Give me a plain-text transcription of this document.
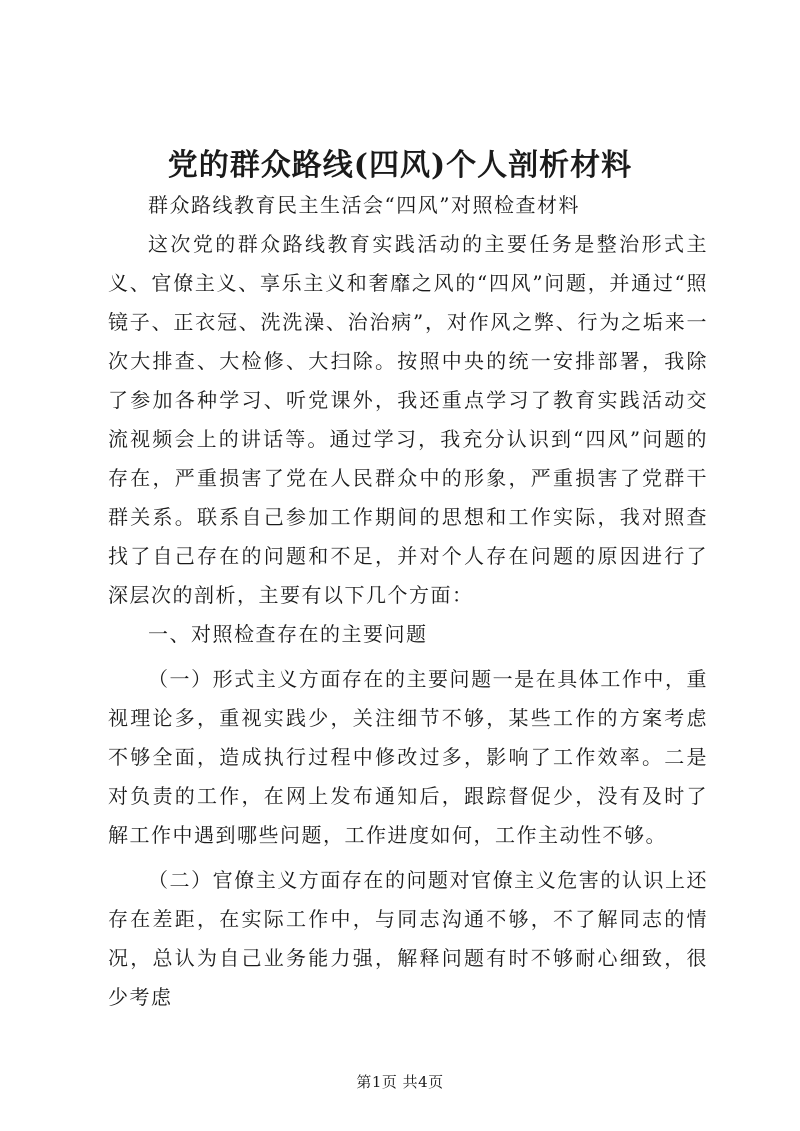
党的群众路线(四风)个人剖析材料

群众路线教育民主生活会“四风”对照检查材料

这次党的群众路线教育实践活动的主要任务是整治形式主义、官僚主义、享乐主义和奢靡之风的“四风”问题，并通过“照镜子、正衣冠、洗洗澡、治治病”，对作风之弊、行为之垢来一次大排查、大检修、大扫除。按照中央的统一安排部署，我除了参加各种学习、听党课外，我还重点学习了教育实践活动交流视频会上的讲话等。通过学习，我充分认识到“四风”问题的存在，严重损害了党在人民群众中的形象，严重损害了党群干群关系。联系自己参加工作期间的思想和工作实际，我对照查找了自己存在的问题和不足，并对个人存在问题的原因进行了深层次的剖析，主要有以下几个方面：

一、对照检查存在的主要问题

（一）形式主义方面存在的主要问题一是在具体工作中，重视理论多，重视实践少，关注细节不够，某些工作的方案考虑不够全面，造成执行过程中修改过多，影响了工作效率。二是对负责的工作，在网上发布通知后，跟踪督促少，没有及时了解工作中遇到哪些问题，工作进度如何，工作主动性不够。

（二）官僚主义方面存在的问题对官僚主义危害的认识上还存在差距，在实际工作中，与同志沟通不够，不了解同志的情况，总认为自己业务能力强，解释问题有时不够耐心细致，很少考虑

第1页 共4页
